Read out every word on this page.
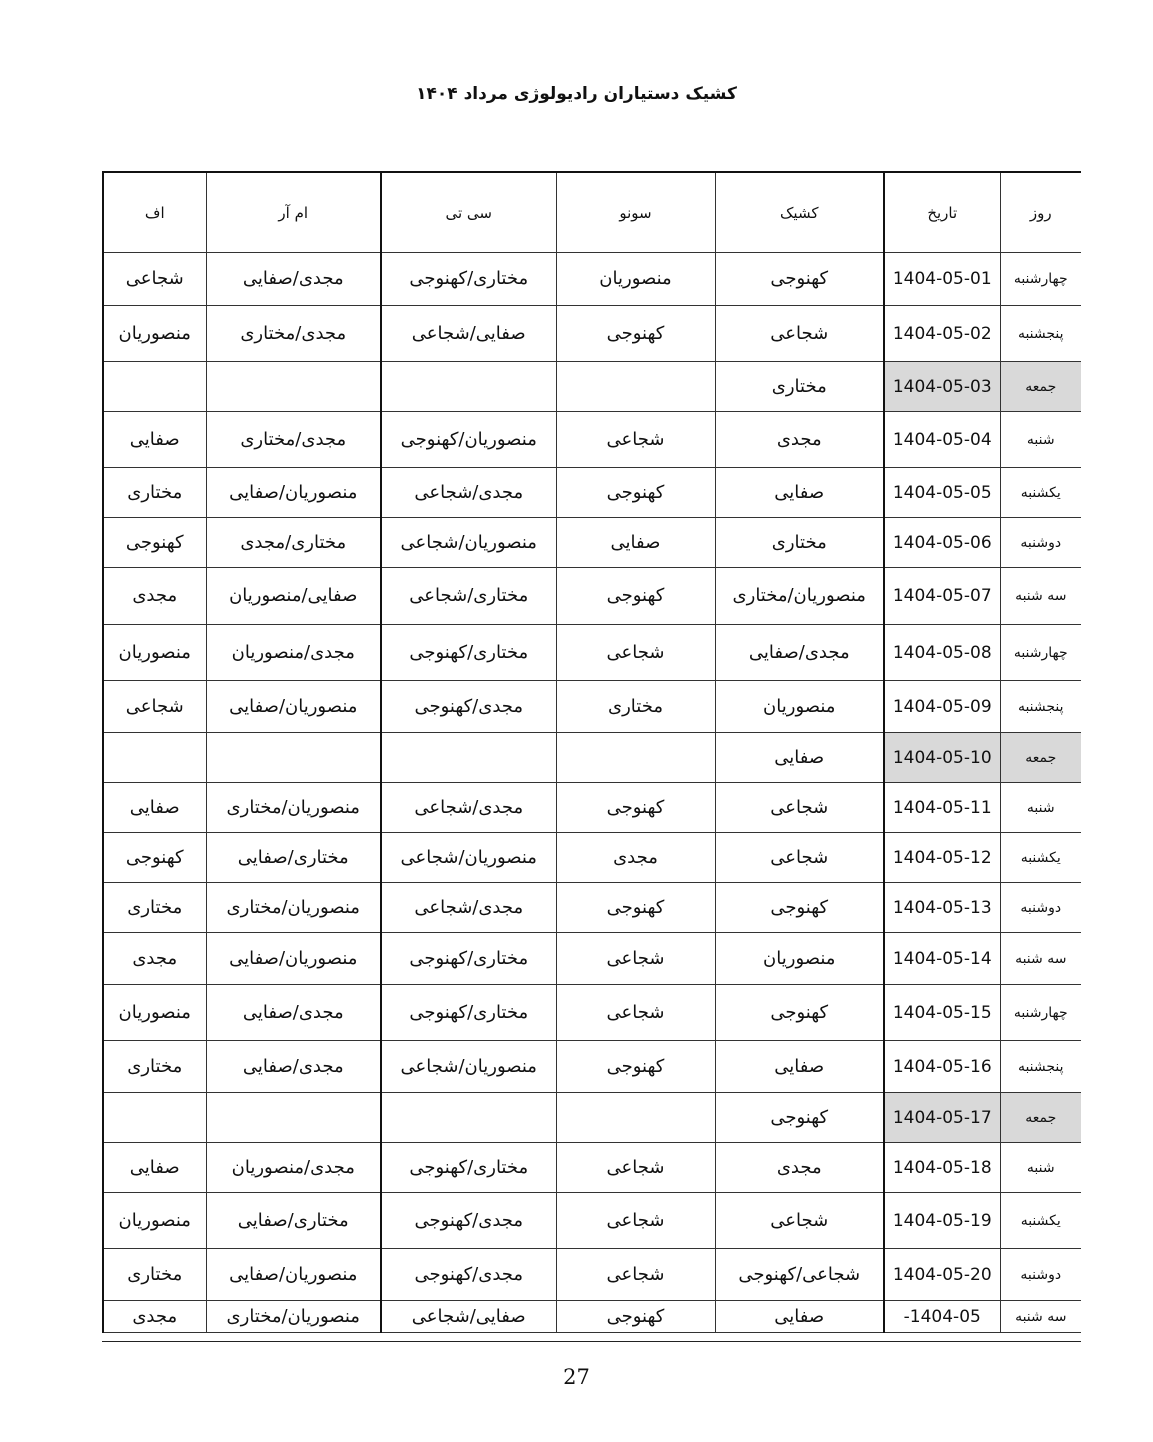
کشیک دستیاران رادیولوژی مرداد ۱۴۰۴
روز	تاریخ	کشیک	سونو	سی تی	ام آر	اف
چهارشنبه	1404-05-01	کهنوجی	منصوریان	مختاری/کهنوجی	مجدی/صفایی	شجاعی
پنجشنبه	1404-05-02	شجاعی	کهنوجی	صفایی/شجاعی	مجدی/مختاری	منصوریان
جمعه	1404-05-03	مختاری				
شنبه	1404-05-04	مجدی	شجاعی	منصوریان/کهنوجی	مجدی/مختاری	صفایی
یکشنبه	1404-05-05	صفایی	کهنوجی	مجدی/شجاعی	منصوریان/صفایی	مختاری
دوشنبه	1404-05-06	مختاری	صفایی	منصوریان/شجاعی	مختاری/مجدی	کهنوجی
سه شنبه	1404-05-07	منصوریان/مختاری	کهنوجی	مختاری/شجاعی	صفایی/منصوریان	مجدی
چهارشنبه	1404-05-08	مجدی/صفایی	شجاعی	مختاری/کهنوجی	مجدی/منصوریان	منصوریان
پنجشنبه	1404-05-09	منصوریان	مختاری	مجدی/کهنوجی	منصوریان/صفایی	شجاعی
جمعه	1404-05-10	صفایی				
شنبه	1404-05-11	شجاعی	کهنوجی	مجدی/شجاعی	منصوریان/مختاری	صفایی
یکشنبه	1404-05-12	شجاعی	مجدی	منصوریان/شجاعی	مختاری/صفایی	کهنوجی
دوشنبه	1404-05-13	کهنوجی	کهنوجی	مجدی/شجاعی	منصوریان/مختاری	مختاری
سه شنبه	1404-05-14	منصوریان	شجاعی	مختاری/کهنوجی	منصوریان/صفایی	مجدی
چهارشنبه	1404-05-15	کهنوجی	شجاعی	مختاری/کهنوجی	مجدی/صفایی	منصوریان
پنجشنبه	1404-05-16	صفایی	کهنوجی	منصوریان/شجاعی	مجدی/صفایی	مختاری
جمعه	1404-05-17	کهنوجی				
شنبه	1404-05-18	مجدی	شجاعی	مختاری/کهنوجی	مجدی/منصوریان	صفایی
یکشنبه	1404-05-19	شجاعی	شجاعی	مجدی/کهنوجی	مختاری/صفایی	منصوریان
دوشنبه	1404-05-20	شجاعی/کهنوجی	شجاعی	مجدی/کهنوجی	منصوریان/صفایی	مختاری
سه شنبه	1404-05-	صفایی	کهنوجی	صفایی/شجاعی	منصوریان/مختاری	مجدی
27
